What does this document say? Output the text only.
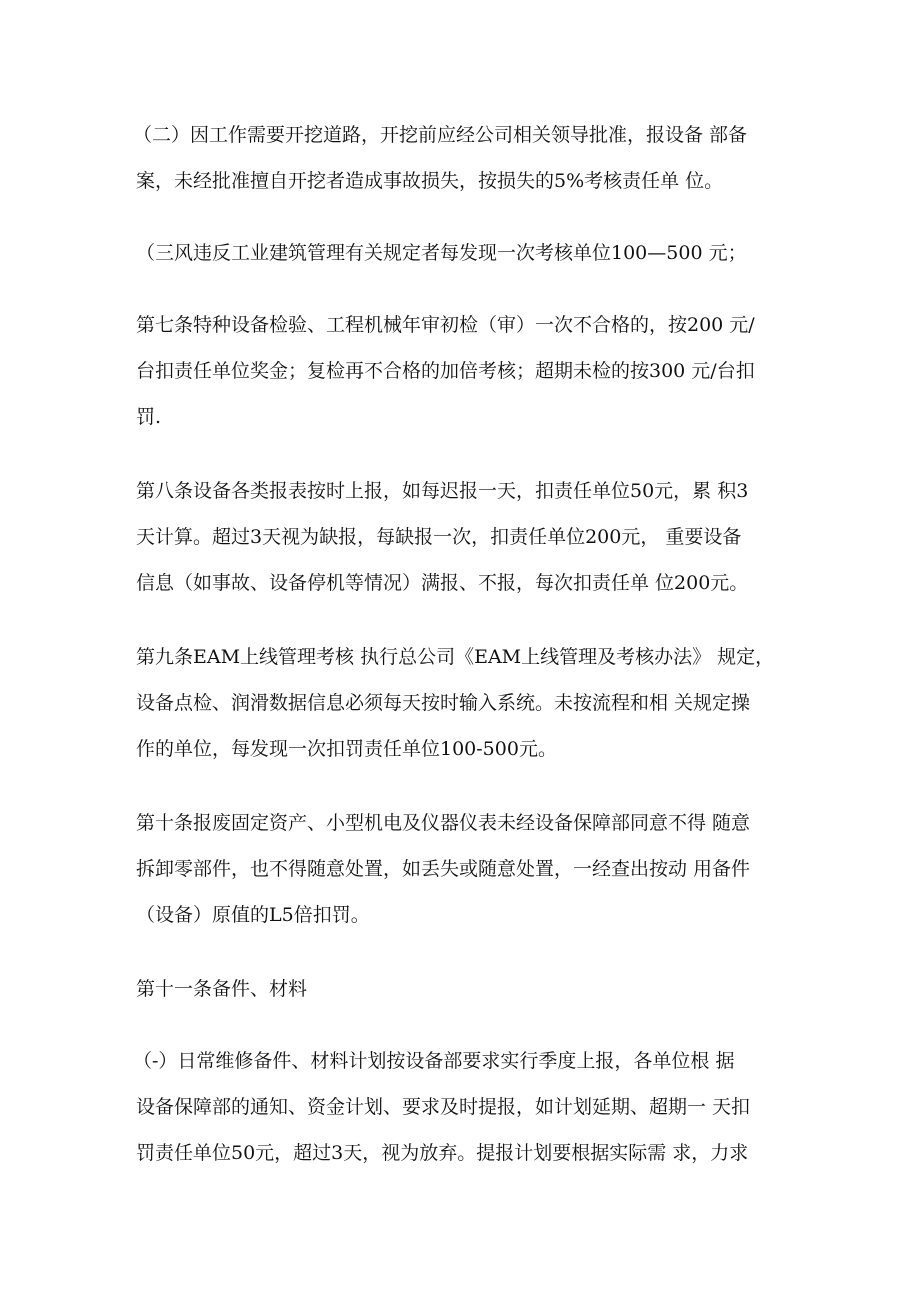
（二）因工作需要开挖道路，开挖前应经公司相关领导批准，报设备 部备
案，未经批准擅自开挖者造成事故损失，按损失的5%考核责任单 位。
（三风违反工业建筑管理有关规定者每发现一次考核单位100—500 元；
第七条特种设备检验、工程机械年审初检（审）一次不合格的，按200 元/
台扣责任单位奖金；复检再不合格的加倍考核；超期未检的按300 元/台扣
罚.
第八条设备各类报表按时上报，如每迟报一天，扣责任单位50元，累 积3
天计算。超过3天视为缺报，每缺报一次，扣责任单位200元， 重要设备
信息（如事故、设备停机等情况）满报、不报，每次扣责任单 位200元。
第九条EAM上线管理考核 执行总公司《EAM上线管理及考核办法》 规定，
设备点检、润滑数据信息必须每天按时输入系统。未按流程和相 关规定操
作的单位，每发现一次扣罚责任单位100-500元。
第十条报废固定资产、小型机电及仪器仪表未经设备保障部同意不得 随意
拆卸零部件，也不得随意处置，如丢失或随意处置，一经查出按动 用备件
（设备）原值的L5倍扣罚。
第十一条备件、材料
（-）日常维修备件、材料计划按设备部要求实行季度上报，各单位根 据
设备保障部的通知、资金计划、要求及时提报，如计划延期、超期一 天扣
罚责任单位50元，超过3天，视为放弃。提报计划要根据实际需 求，力求
